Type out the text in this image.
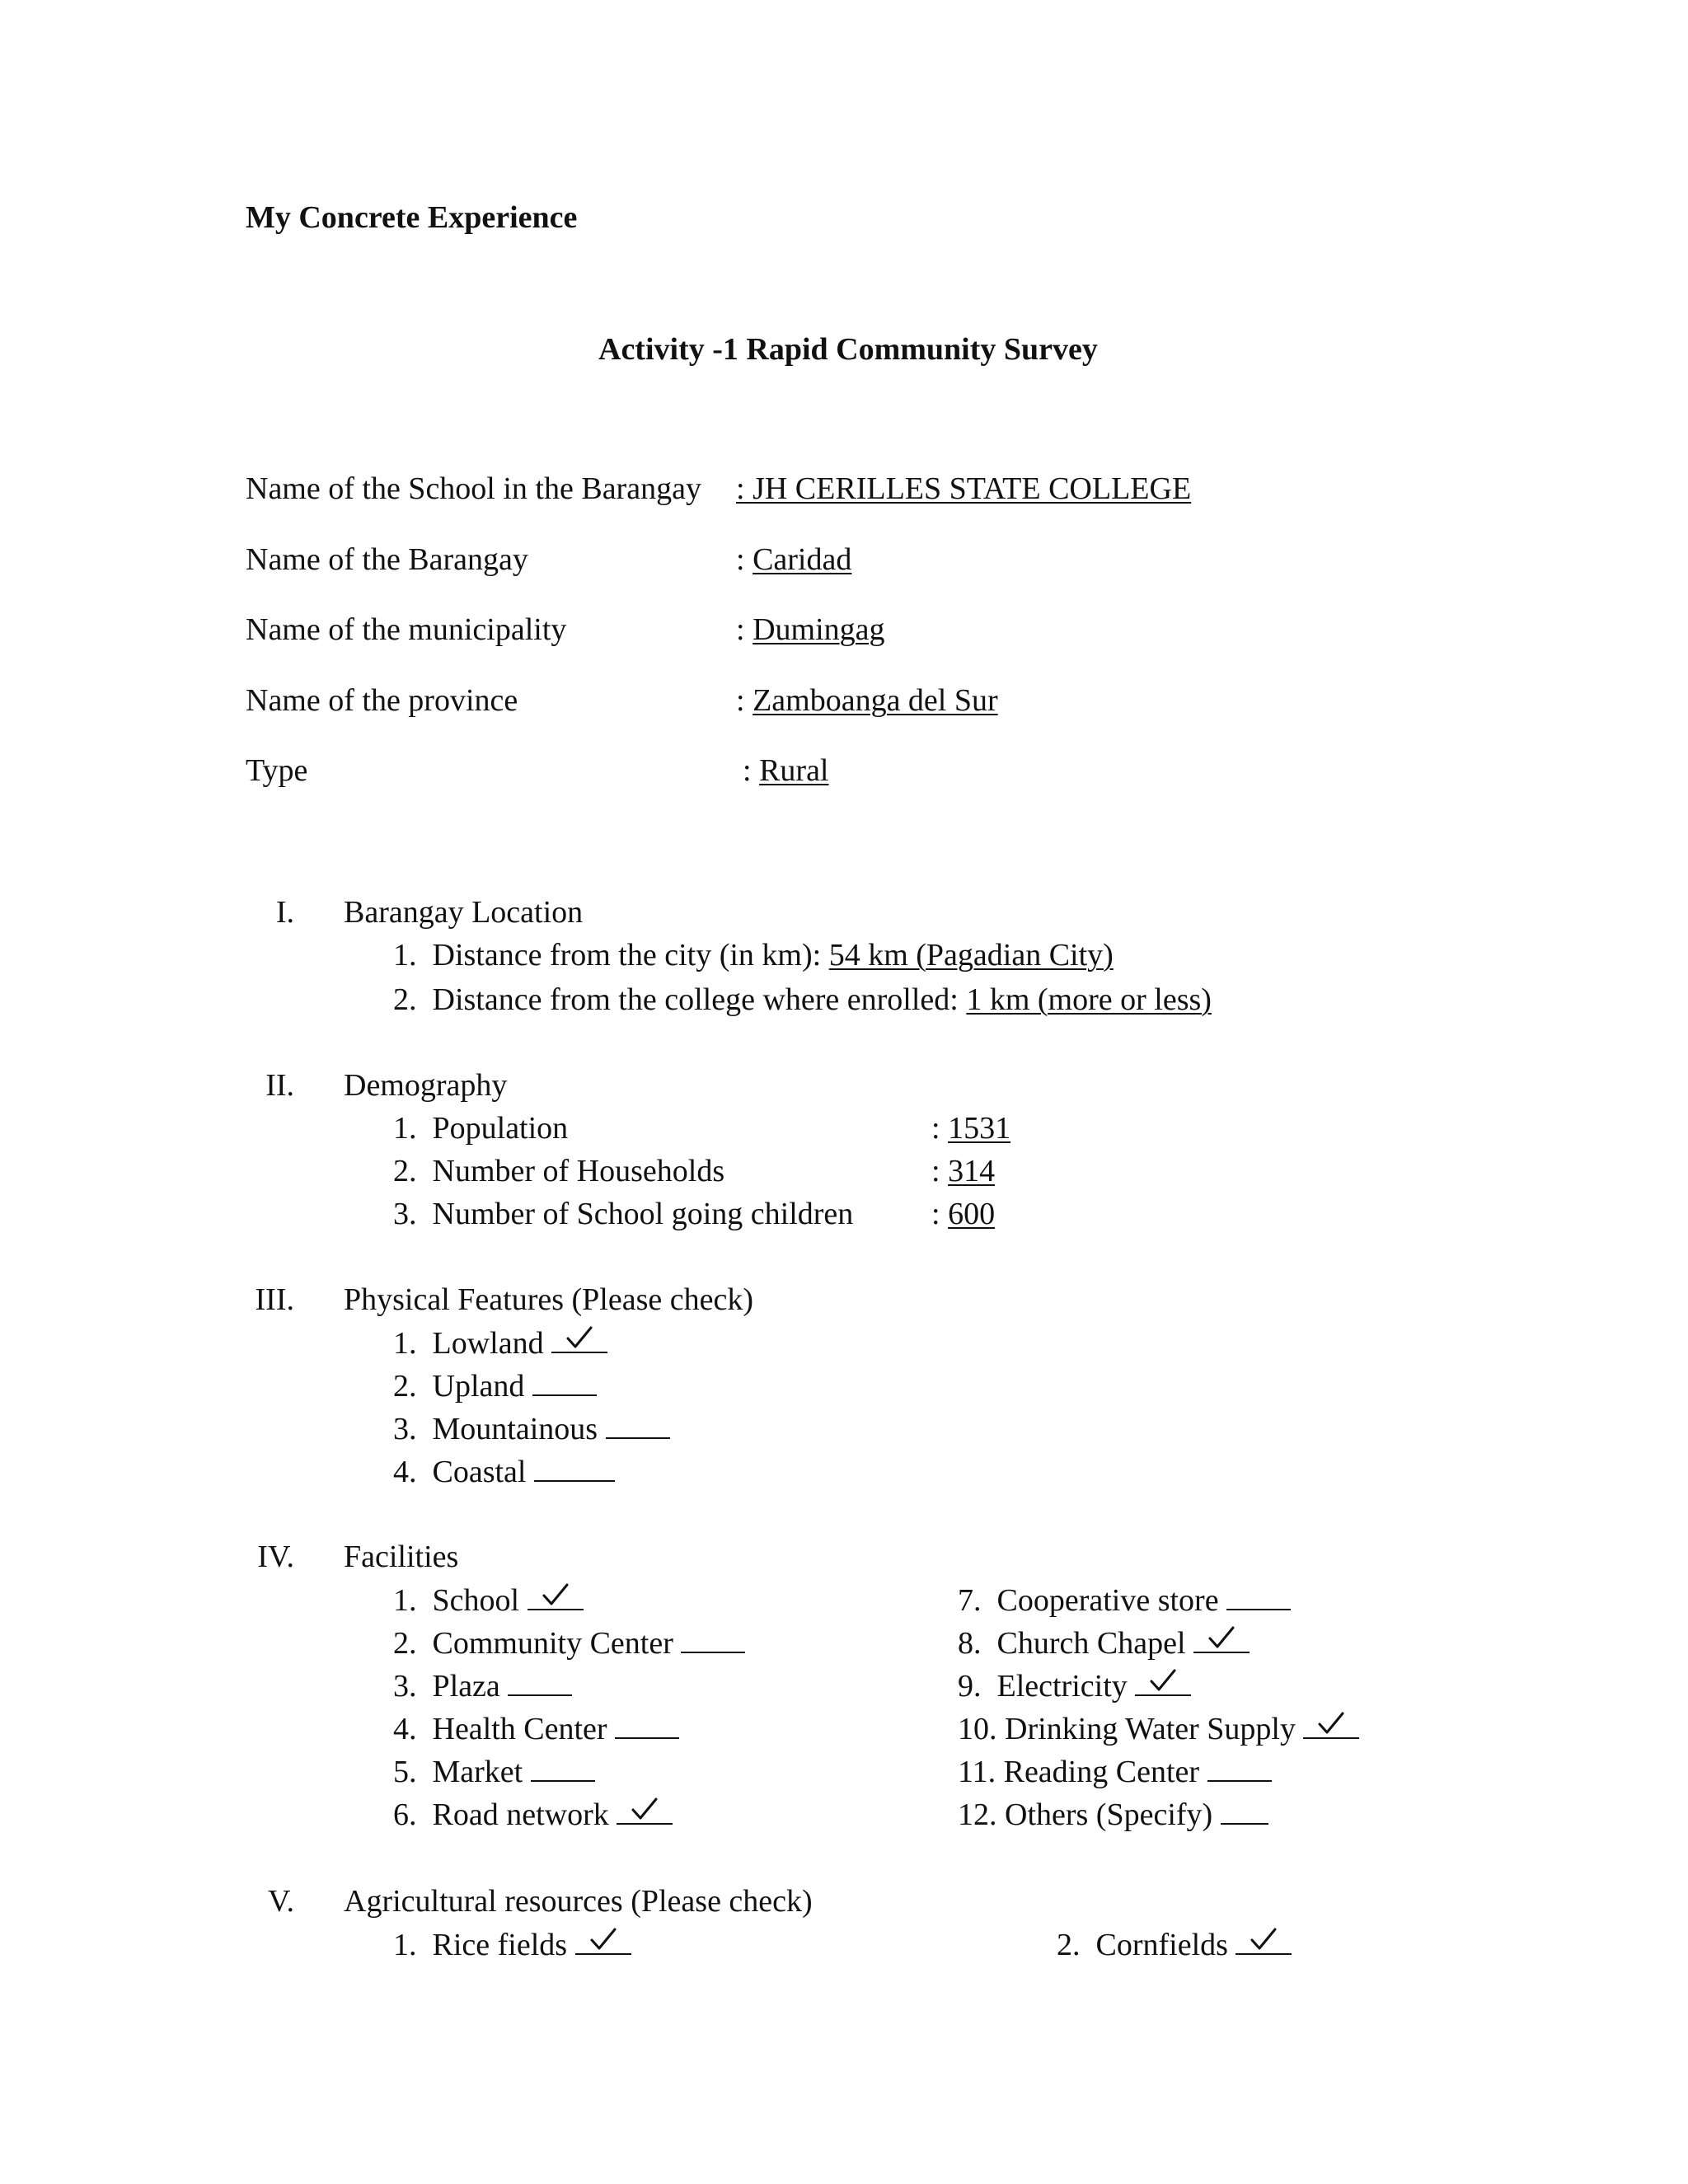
My Concrete Experience
Activity -1 Rapid Community Survey
Name of the School in the Barangay : JH CERILLES STATE COLLEGE
Name of the Barangay	: Caridad
Name of the municipality	: Dumingag
Name of the province	: Zamboanga del Sur
Type	: Rural
I. Barangay Location
1. Distance from the city (in km): 54 km (Pagadian City)
2. Distance from the college where enrolled: 1 km (more or less)
II. Demography
1. Population	: 1531
2. Number of Households	: 314
3. Number of School going children : 600
III. Physical Features (Please check)
1. Lowland
2. Upland
3. Mountainous
4. Coastal
IV. Facilities
1. School
2. Community Center
3. Plaza
4. Health Center
5. Market
6. Road network
7. Cooperative store
8. Church Chapel
9. Electricity
10. Drinking Water Supply
11. Reading Center
12. Others (Specify)
V. Agricultural resources (Please check)
1. Rice fields	2. Cornfields
